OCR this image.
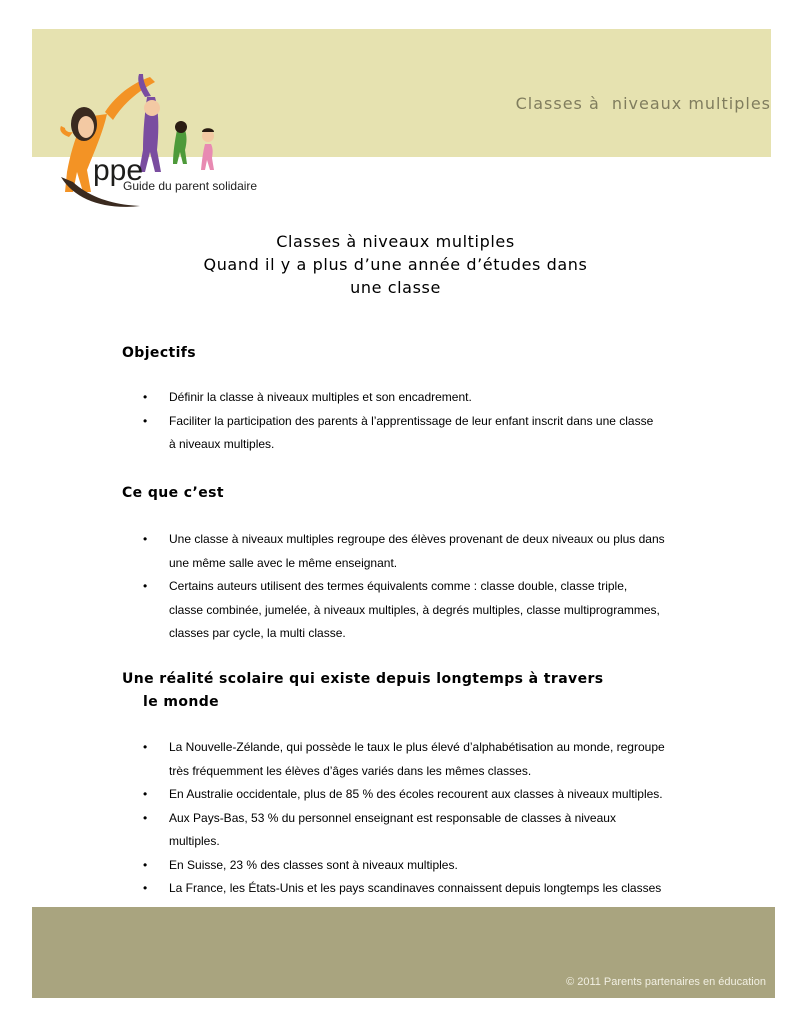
Classes à  niveaux multiples
ppe
Guide du parent solidaire
Classes à niveaux multiples
Quand il y a plus d’une année d’études dans
une classe
Objectifs
• Définir la classe à niveaux multiples et son encadrement.
• Faciliter la participation des parents à l’apprentissage de leur enfant inscrit dans une classe
à niveaux multiples.
Ce que c’est
• Une classe à niveaux multiples regroupe des élèves provenant de deux niveaux ou plus dans
une même salle avec le même enseignant.
• Certains auteurs utilisent des termes équivalents comme : classe double, classe triple,
classe combinée, jumelée, à niveaux multiples, à degrés multiples, classe multiprogrammes,
classes par cycle, la multi classe.
Une réalité scolaire qui existe depuis longtemps à travers
le monde
• La Nouvelle-Zélande, qui possède le taux le plus élevé d’alphabétisation au monde, regroupe
très fréquemment les élèves d’âges variés dans les mêmes classes.
• En Australie occidentale, plus de 85 % des écoles recourent aux classes à niveaux multiples.
• Aux Pays-Bas, 53 % du personnel enseignant est responsable de classes à niveaux
multiples.
• En Suisse, 23 % des classes sont à niveaux multiples.
• La France, les États-Unis et les pays scandinaves connaissent depuis longtemps les classes
© 2011 Parents partenaires en éducation
